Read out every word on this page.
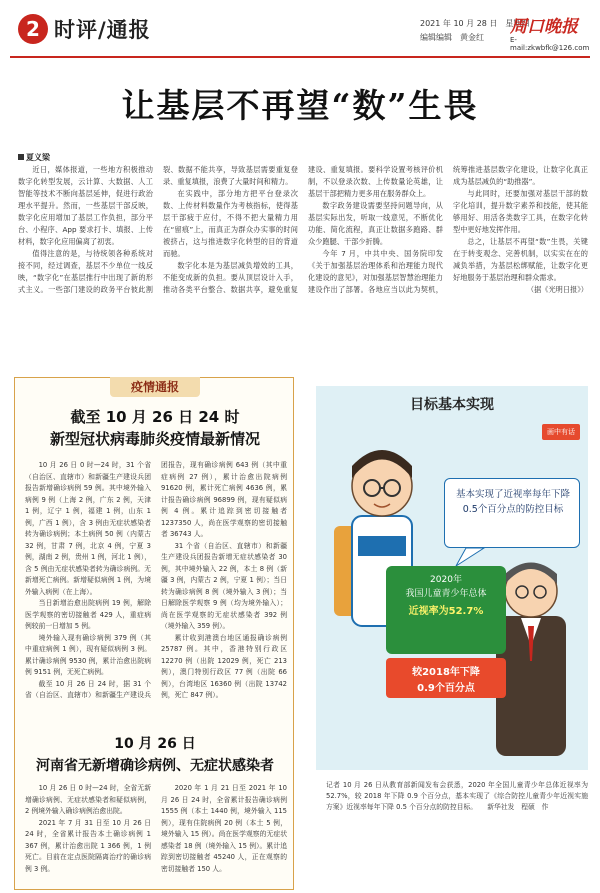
2 时评/通报	2021 年 10 月 28 日　星期四
编辑编辑　黄金红
周口晚报
E-mail:zkwbfk@126.com
让基层不再望“数”生畏
夏义梁

近日，媒体报道，一些地方积极推动数字化转型发展，云计算、大数据、人工智能等技术不断向基层延伸，促进行政治理水平提升。然而，一些基层干部反映，数字化应用增加了基层工作负担，部分平台、小程序、App 要求打卡、填报、上传材料，数字化应用偏离了初衷。

值得注意的是，与待统领各种系统对接不同，经过调查，基层不少单位一线反映，“数字化”在基层推行中出现了新的形式主义。一些部门建设的政务平台彼此割裂、数据不能共享，导致基层需要重复登录、重复填报，浪费了大量时间和精力。

在实践中，部分地方把平台登录次数、上传材料数量作为考核指标，使得基层干部疲于应付，不得不把大量精力用在“留痕”上，而真正为群众办实事的时间被挤占，这与推进数字化转型的目的背道而驰。

数字化本是为基层减负增效的工具，不能变成新的负担。要从顶层设计入手，推动各类平台整合、数据共享，避免重复建设、重复填报。要科学设置考核评价机制，不以登录次数、上传数量论英雄，让基层干部把精力更多用在服务群众上。

数字政务建设需要坚持问题导向，从基层实际出发，听取一线意见，不断优化功能、简化流程，真正让数据多跑路、群众少跑腿、干部少折腾。

今年 7 月，中共中央、国务院印发《关于加强基层治理体系和治理能力现代化建设的意见》，对加强基层智慧治理能力建设作出了部署。各地应当以此为契机，统筹推进基层数字化建设，让数字化真正成为基层减负的“助推器”。

与此同时，还要加强对基层干部的数字化培训，提升数字素养和技能，使其能够用好、用活各类数字工具，在数字化转型中更好地发挥作用。

总之，让基层不再望“数”生畏，关键在于转变观念、完善机制，以实实在在的减负举措，为基层松绑赋能，让数字化更好地服务于基层治理和群众需求。

（据《光明日报》）

疫情通报
截至 10 月 26 日 24 时
新型冠状病毒肺炎疫情最新情况

10 月 26 日 0 时—24 时，31 个省（自治区、直辖市）和新疆生产建设兵团报告新增确诊病例 59 例。其中境外输入病例 9 例（上海 2 例，广东 2 例，天津 1 例，辽宁 1 例，福建 1 例，山东 1 例，广西 1 例），含 3 例由无症状感染者转为确诊病例；本土病例 50 例（内蒙古 32 例，甘肃 7 例，北京 4 例，宁夏 3 例，湖南 2 例，贵州 1 例，河北 1 例），含 5 例由无症状感染者转为确诊病例。无新增死亡病例。新增疑似病例 1 例，为境外输入病例（在上海）。

当日新增治愈出院病例 19 例，解除医学观察的密切接触者 429 人，重症病例较前一日增加 5 例。

境外输入现有确诊病例 379 例（其中重症病例 1 例），现有疑似病例 3 例。累计确诊病例 9530 例，累计治愈出院病例 9151 例，无死亡病例。

截至 10 月 26 日 24 时，据 31 个省（自治区、直辖市）和新疆生产建设兵团报告，现有确诊病例 643 例（其中重症病例 27 例），累计治愈出院病例 91620 例，累计死亡病例 4636 例，累计报告确诊病例 96899 例，现有疑似病例 4 例。累计追踪到密切接触者 1237350 人，尚在医学观察的密切接触者 36743 人。

31 个省（自治区、直辖市）和新疆生产建设兵团报告新增无症状感染者 30 例，其中境外输入 22 例，本土 8 例（新疆 3 例，内蒙古 2 例，宁夏 1 例）；当日转为确诊病例 8 例（境外输入 3 例）；当日解除医学观察 9 例（均为境外输入）；尚在医学观察的无症状感染者 392 例（境外输入 359 例）。

累计收到港澳台地区通报确诊病例 25787 例。其中，香港特别行政区 12270 例（出院 12029 例，死亡 213 例），澳门特别行政区 77 例（出院 66 例），台湾地区 16360 例（出院 13742 例，死亡 847 例）。

10 月 26 日
河南省无新增确诊病例、无症状感染者

10 月 26 日 0 时—24 时，全省无新增确诊病例、无症状感染者和疑似病例，2 例境外输入确诊病例治愈出院。

2021 年 7 月 31 日至 10 月 26 日 24 时，全省累计报告本土确诊病例 1 367 例，累计治愈出院 1 366 例，1 例死亡。目前在定点医院隔离治疗的确诊病例 3 例。

2020 年 1 月 21 日至 2021 年 10 月 26 日 24 时，全省累计报告确诊病例 1555 例（本土 1440 例，境外输入 115 例），现有住院病例 20 例（本土 5 例，境外输入 15 例）。尚在医学观察的无症状感染者 18 例（境外输入 15 例）。累计追踪到密切接触者 45240 人，正在观察的密切接触者 150 人。

目标基本实现
画中有话
基本实现了近视率每年下降0.5个百分点的防控目标
2020年
我国儿童青少年总体
近视率为52.7%
较2018年下降
0.9个百分点
记者 10 月 26 日从教育部新闻发布会获悉，2020 年全国儿童青少年总体近视率为 52.7%，较 2018 年下降 0.9 个百分点，基本实现了《综合防控儿童青少年近视实施方案》近视率每年下降 0.5 个百分点的防控目标。　　新华社发　程硕　作
